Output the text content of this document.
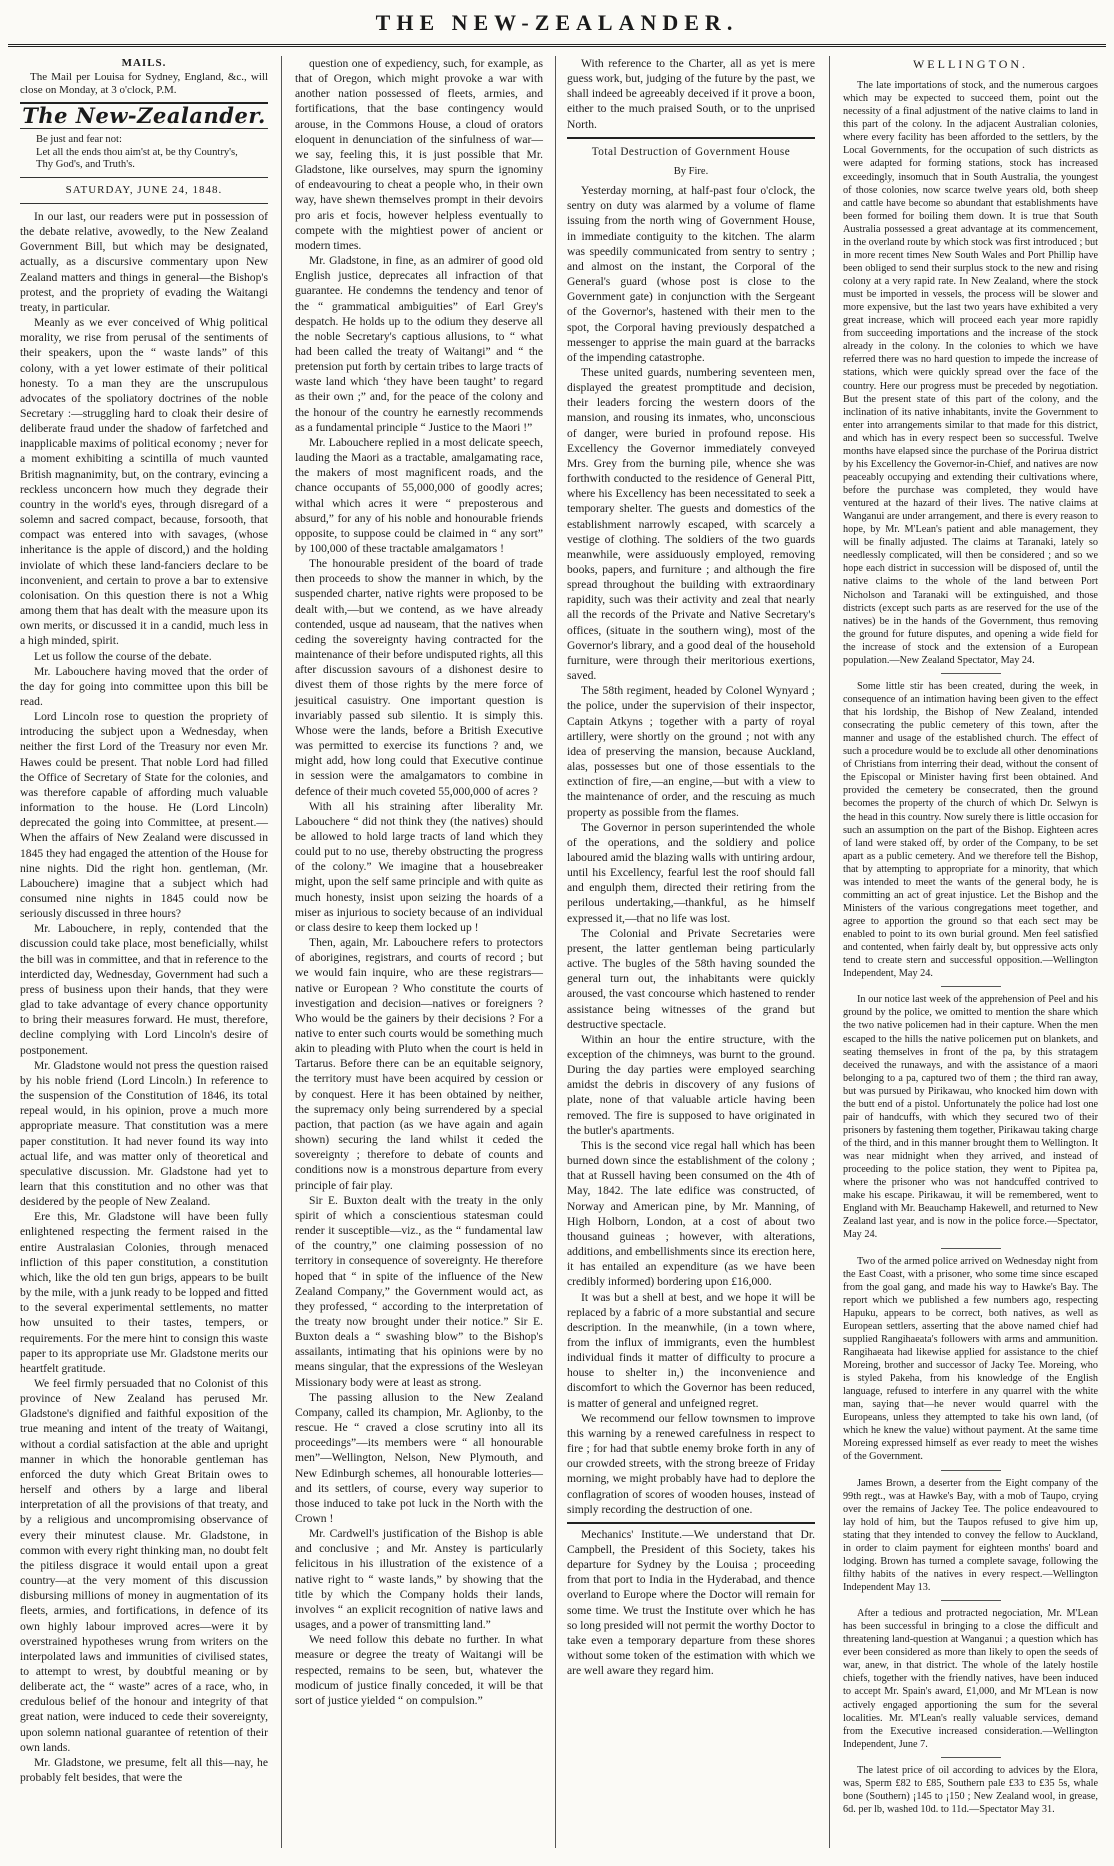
THE NEW-ZEALANDER.
MAILS.

The Mail per Louisa for Sydney, England, &c., will close on Monday, at 3 o'clock, P.M.

The New-Zealander.

Be just and fear not:

Let all the ends thou aim'st at, be thy Country's,

Thy God's, and Truth's.

SATURDAY, JUNE 24, 1848.

In our last, our readers were put in possession of the debate relative, avowedly, to the New Zealand Government Bill, but which may be designated, actually, as a discursive commentary upon New Zealand matters and things in general—the Bishop's protest, and the propriety of evading the Waitangi treaty, in particular.

Meanly as we ever conceived of Whig political morality, we rise from perusal of the sentiments of their speakers, upon the “ waste lands” of this colony, with a yet lower estimate of their political honesty. To a man they are the unscrupulous advocates of the spoliatory doctrines of the noble Secretary :—struggling hard to cloak their desire of deliberate fraud under the shadow of farfetched and inapplicable maxims of political economy ; never for a moment exhibiting a scintilla of much vaunted British magnanimity, but, on the contrary, evincing a reckless unconcern how much they degrade their country in the world's eyes, through disregard of a solemn and sacred compact, because, forsooth, that compact was entered into with savages, (whose inheritance is the apple of discord,) and the holding inviolate of which these land-fanciers declare to be inconvenient, and certain to prove a bar to extensive colonisation. On this question there is not a Whig among them that has dealt with the measure upon its own merits, or discussed it in a candid, much less in a high minded, spirit.

Let us follow the course of the debate.

Mr. Labouchere having moved that the order of the day for going into committee upon this bill be read.

Lord Lincoln rose to question the propriety of introducing the subject upon a Wednesday, when neither the first Lord of the Treasury nor even Mr. Hawes could be present. That noble Lord had filled the Office of Secretary of State for the colonies, and was therefore capable of affording much valuable information to the house. He (Lord Lincoln) deprecated the going into Committee, at present.—When the affairs of New Zealand were discussed in 1845 they had engaged the attention of the House for nine nights. Did the right hon. gentleman, (Mr. Labouchere) imagine that a subject which had consumed nine nights in 1845 could now be seriously discussed in three hours?

Mr. Labouchere, in reply, contended that the discussion could take place, most beneficially, whilst the bill was in committee, and that in reference to the interdicted day, Wednesday, Government had such a press of business upon their hands, that they were glad to take advantage of every chance opportunity to bring their measures forward. He must, therefore, decline complying with Lord Lincoln's desire of postponement.

Mr. Gladstone would not press the question raised by his noble friend (Lord Lincoln.) In reference to the suspension of the Constitution of 1846, its total repeal would, in his opinion, prove a much more appropriate measure. That constitution was a mere paper constitution. It had never found its way into actual life, and was matter only of theoretical and speculative discussion. Mr. Gladstone had yet to learn that this constitution and no other was that desidered by the people of New Zealand.

Ere this, Mr. Gladstone will have been fully enlightened respecting the ferment raised in the entire Australasian Colonies, through menaced infliction of this paper constitution, a constitution which, like the old ten gun brigs, appears to be built by the mile, with a junk ready to be lopped and fitted to the several experimental settlements, no matter how unsuited to their tastes, tempers, or requirements. For the mere hint to consign this waste paper to its appropriate use Mr. Gladstone merits our heartfelt gratitude.

We feel firmly persuaded that no Colonist of this province of New Zealand has perused Mr. Gladstone's dignified and faithful exposition of the true meaning and intent of the treaty of Waitangi, without a cordial satisfaction at the able and upright manner in which the honorable gentleman has enforced the duty which Great Britain owes to herself and others by a large and liberal interpretation of all the provisions of that treaty, and by a religious and uncompromising observance of every their minutest clause. Mr. Gladstone, in common with every right thinking man, no doubt felt the pitiless disgrace it would entail upon a great country—at the very moment of this discussion disbursing millions of money in augmentation of its fleets, armies, and fortifications, in defence of its own highly labour improved acres—were it by overstrained hypotheses wrung from writers on the interpolated laws and immunities of civilised states, to attempt to wrest, by doubtful meaning or by deliberate act, the “ waste” acres of a race, who, in credulous belief of the honour and integrity of that great nation, were induced to cede their sovereignty, upon solemn national guarantee of retention of their own lands.

Mr. Gladstone, we presume, felt all this—nay, he probably felt besides, that were the

question one of expediency, such, for example, as that of Oregon, which might provoke a war with another nation possessed of fleets, armies, and fortifications, that the base contingency would arouse, in the Commons House, a cloud of orators eloquent in denunciation of the sinfulness of war—we say, feeling this, it is just possible that Mr. Gladstone, like ourselves, may spurn the ignominy of endeavouring to cheat a people who, in their own way, have shewn themselves prompt in their devoirs pro aris et focis, however helpless eventually to compete with the mightiest power of ancient or modern times.

Mr. Gladstone, in fine, as an admirer of good old English justice, deprecates all infraction of that guarantee. He condemns the tendency and tenor of the “ grammatical ambiguities” of Earl Grey's despatch. He holds up to the odium they deserve all the noble Secretary's captious allusions, to “ what had been called the treaty of Waitangi” and “ the pretension put forth by certain tribes to large tracts of waste land which ‘they have been taught’ to regard as their own ;” and, for the peace of the colony and the honour of the country he earnestly recommends as a fundamental principle “ Justice to the Maori !”

Mr. Labouchere replied in a most delicate speech, lauding the Maori as a tractable, amalgamating race, the makers of most magnificent roads, and the chance occupants of 55,000,000 of goodly acres; withal which acres it were “ preposterous and absurd,” for any of his noble and honourable friends opposite, to suppose could be claimed in “ any sort” by 100,000 of these tractable amalgamators !

The honourable president of the board of trade then proceeds to show the manner in which, by the suspended charter, native rights were proposed to be dealt with,—but we contend, as we have already contended, usque ad nauseam, that the natives when ceding the sovereignty having contracted for the maintenance of their before undisputed rights, all this after discussion savours of a dishonest desire to divest them of those rights by the mere force of jesuitical casuistry. One important question is invariably passed sub silentio. It is simply this. Whose were the lands, before a British Executive was permitted to exercise its functions ? and, we might add, how long could that Executive continue in session were the amalgamators to combine in defence of their much coveted 55,000,000 of acres ?

With all his straining after liberality Mr. Labouchere “ did not think they (the natives) should be allowed to hold large tracts of land which they could put to no use, thereby obstructing the progress of the colony.” We imagine that a housebreaker might, upon the self same principle and with quite as much honesty, insist upon seizing the hoards of a miser as injurious to society because of an individual or class desire to keep them locked up !

Then, again, Mr. Labouchere refers to protectors of aborigines, registrars, and courts of record ; but we would fain inquire, who are these registrars—native or European ? Who constitute the courts of investigation and decision—natives or foreigners ? Who would be the gainers by their decisions ? For a native to enter such courts would be something much akin to pleading with Pluto when the court is held in Tartarus. Before there can be an equitable seignory, the territory must have been acquired by cession or by conquest. Here it has been obtained by neither, the supremacy only being surrendered by a special paction, that paction (as we have again and again shown) securing the land whilst it ceded the sovereignty ; therefore to debate of counts and conditions now is a monstrous departure from every principle of fair play.

Sir E. Buxton dealt with the treaty in the only spirit of which a conscientious statesman could render it susceptible—viz., as the “ fundamental law of the country,” one claiming possession of no territory in consequence of sovereignty. He therefore hoped that “ in spite of the influence of the New Zealand Company,” the Government would act, as they professed, “ according to the interpretation of the treaty now brought under their notice.” Sir E. Buxton deals a “ swashing blow” to the Bishop's assailants, intimating that his opinions were by no means singular, that the expressions of the Wesleyan Missionary body were at least as strong.

The passing allusion to the New Zealand Company, called its champion, Mr. Aglionby, to the rescue. He “ craved a close scrutiny into all its proceedings”—its members were “ all honourable men”—Wellington, Nelson, New Plymouth, and New Edinburgh schemes, all honourable lotteries—and its settlers, of course, every way superior to those induced to take pot luck in the North with the Crown !

Mr. Cardwell's justification of the Bishop is able and conclusive ; and Mr. Anstey is particularly felicitous in his illustration of the existence of a native right to “ waste lands,” by showing that the title by which the Company holds their lands, involves “ an explicit recognition of native laws and usages, and a power of transmitting land.”

We need follow this debate no further. In what measure or degree the treaty of Waitangi will be respected, remains to be seen, but, whatever the modicum of justice finally conceded, it will be that sort of justice yielded “ on compulsion.”

With reference to the Charter, all as yet is mere guess work, but, judging of the future by the past, we shall indeed be agreeably deceived if it prove a boon, either to the much praised South, or to the unprised North.

Total Destruction of Government House
By Fire.

Yesterday morning, at half-past four o'clock, the sentry on duty was alarmed by a volume of flame issuing from the north wing of Government House, in immediate contiguity to the kitchen. The alarm was speedily communicated from sentry to sentry ; and almost on the instant, the Corporal of the General's guard (whose post is close to the Government gate) in conjunction with the Sergeant of the Governor's, hastened with their men to the spot, the Corporal having previously despatched a messenger to apprise the main guard at the barracks of the impending catastrophe.

These united guards, numbering seventeen men, displayed the greatest promptitude and decision, their leaders forcing the western doors of the mansion, and rousing its inmates, who, unconscious of danger, were buried in profound repose. His Excellency the Governor immediately conveyed Mrs. Grey from the burning pile, whence she was forthwith conducted to the residence of General Pitt, where his Excellency has been necessitated to seek a temporary shelter. The guests and domestics of the establishment narrowly escaped, with scarcely a vestige of clothing. The soldiers of the two guards meanwhile, were assiduously employed, removing books, papers, and furniture ; and although the fire spread throughout the building with extraordinary rapidity, such was their activity and zeal that nearly all the records of the Private and Native Secretary's offices, (situate in the southern wing), most of the Governor's library, and a good deal of the household furniture, were through their meritorious exertions, saved.

The 58th regiment, headed by Colonel Wynyard ; the police, under the supervision of their inspector, Captain Atkyns ; together with a party of royal artillery, were shortly on the ground ; not with any idea of preserving the mansion, because Auckland, alas, possesses but one of those essentials to the extinction of fire,—an engine,—but with a view to the maintenance of order, and the rescuing as much property as possible from the flames.

The Governor in person superintended the whole of the operations, and the soldiery and police laboured amid the blazing walls with untiring ardour, until his Excellency, fearful lest the roof should fall and engulph them, directed their retiring from the perilous undertaking,—thankful, as he himself expressed it,—that no life was lost.

The Colonial and Private Secretaries were present, the latter gentleman being particularly active. The bugles of the 58th having sounded the general turn out, the inhabitants were quickly aroused, the vast concourse which hastened to render assistance being witnesses of the grand but destructive spectacle.

Within an hour the entire structure, with the exception of the chimneys, was burnt to the ground. During the day parties were employed searching amidst the debris in discovery of any fusions of plate, none of that valuable article having been removed. The fire is supposed to have originated in the butler's apartments.

This is the second vice regal hall which has been burned down since the establishment of the colony ; that at Russell having been consumed on the 4th of May, 1842. The late edifice was constructed, of Norway and American pine, by Mr. Manning, of High Holborn, London, at a cost of about two thousand guineas ; however, with alterations, additions, and embellishments since its erection here, it has entailed an expenditure (as we have been credibly informed) bordering upon £16,000.

It was but a shell at best, and we hope it will be replaced by a fabric of a more substantial and secure description. In the meanwhile, (in a town where, from the influx of immigrants, even the humblest individual finds it matter of difficulty to procure a house to shelter in,) the inconvenience and discomfort to which the Governor has been reduced, is matter of general and unfeigned regret.

We recommend our fellow townsmen to improve this warning by a renewed carefulness in respect to fire ; for had that subtle enemy broke forth in any of our crowded streets, with the strong breeze of Friday morning, we might probably have had to deplore the conflagration of scores of wooden houses, instead of simply recording the destruction of one.

Mechanics' Institute.—We understand that Dr. Campbell, the President of this Society, takes his departure for Sydney by the Louisa ; proceeding from that port to India in the Hyderabad, and thence overland to Europe where the Doctor will remain for some time. We trust the Institute over which he has so long presided will not permit the worthy Doctor to take even a temporary departure from these shores without some token of the estimation with which we are well aware they regard him.

WELLINGTON.

The late importations of stock, and the numerous cargoes which may be expected to succeed them, point out the necessity of a final adjustment of the native claims to land in this part of the colony. In the adjacent Australian colonies, where every facility has been afforded to the settlers, by the Local Governments, for the occupation of such districts as were adapted for forming stations, stock has increased exceedingly, insomuch that in South Australia, the youngest of those colonies, now scarce twelve years old, both sheep and cattle have become so abundant that establishments have been formed for boiling them down. It is true that South Australia possessed a great advantage at its commencement, in the overland route by which stock was first introduced ; but in more recent times New South Wales and Port Phillip have been obliged to send their surplus stock to the new and rising colony at a very rapid rate. In New Zealand, where the stock must be imported in vessels, the process will be slower and more expensive, but the last two years have exhibited a very great increase, which will proceed each year more rapidly from succeeding importations and the increase of the stock already in the colony. In the colonies to which we have referred there was no hard question to impede the increase of stations, which were quickly spread over the face of the country. Here our progress must be preceded by negotiation. But the present state of this part of the colony, and the inclination of its native inhabitants, invite the Government to enter into arrangements similar to that made for this district, and which has in every respect been so successful. Twelve months have elapsed since the purchase of the Porirua district by his Excellency the Governor-in-Chief, and natives are now peaceably occupying and extending their cultivations where, before the purchase was completed, they would have ventured at the hazard of their lives. The native claims at Wanganui are under arrangement, and there is every reason to hope, by Mr. M'Lean's patient and able management, they will be finally adjusted. The claims at Taranaki, lately so needlessly complicated, will then be considered ; and so we hope each district in succession will be disposed of, until the native claims to the whole of the land between Port Nicholson and Taranaki will be extinguished, and those districts (except such parts as are reserved for the use of the natives) be in the hands of the Government, thus removing the ground for future disputes, and opening a wide field for the increase of stock and the extension of a European population.—New Zealand Spectator, May 24.

Some little stir has been created, during the week, in consequence of an intimation having been given to the effect that his lordship, the Bishop of New Zealand, intended consecrating the public cemetery of this town, after the manner and usage of the established church. The effect of such a procedure would be to exclude all other denominations of Christians from interring their dead, without the consent of the Episcopal or Minister having first been obtained. And provided the cemetery be consecrated, then the ground becomes the property of the church of which Dr. Selwyn is the head in this country. Now surely there is little occasion for such an assumption on the part of the Bishop. Eighteen acres of land were staked off, by order of the Company, to be set apart as a public cemetery. And we therefore tell the Bishop, that by attempting to appropriate for a minority, that which was intended to meet the wants of the general body, he is committing an act of great injustice. Let the Bishop and the Ministers of the various congregations meet together, and agree to apportion the ground so that each sect may be enabled to point to its own burial ground. Men feel satisfied and contented, when fairly dealt by, but oppressive acts only tend to create stern and successful opposition.—Wellington Independent, May 24.

In our notice last week of the apprehension of Peel and his ground by the police, we omitted to mention the share which the two native policemen had in their capture. When the men escaped to the hills the native policemen put on blankets, and seating themselves in front of the pa, by this stratagem deceived the runaways, and with the assistance of a maori belonging to a pa, captured two of them ; the third ran away, but was pursued by Pirikawau, who knocked him down with the butt end of a pistol. Unfortunately the police had lost one pair of handcuffs, with which they secured two of their prisoners by fastening them together, Pirikawau taking charge of the third, and in this manner brought them to Wellington. It was near midnight when they arrived, and instead of proceeding to the police station, they went to Pipitea pa, where the prisoner who was not handcuffed contrived to make his escape. Pirikawau, it will be remembered, went to England with Mr. Beauchamp Hakewell, and returned to New Zealand last year, and is now in the police force.—Spectator, May 24.

Two of the armed police arrived on Wednesday night from the East Coast, with a prisoner, who some time since escaped from the goal gang, and made his way to Hawke's Bay. The report which we published a few numbers ago, respecting Hapuku, appears to be correct, both natives, as well as European settlers, asserting that the above named chief had supplied Rangihaeata's followers with arms and ammunition. Rangihaeata had likewise applied for assistance to the chief Moreing, brother and successor of Jacky Tee. Moreing, who is styled Pakeha, from his knowledge of the English language, refused to interfere in any quarrel with the white man, saying that—he never would quarrel with the Europeans, unless they attempted to take his own land, (of which he knew the value) without payment. At the same time Moreing expressed himself as ever ready to meet the wishes of the Government.

James Brown, a deserter from the Eight company of the 99th regt., was at Hawke's Bay, with a mob of Taupo, crying over the remains of Jackey Tee. The police endeavoured to lay hold of him, but the Taupos refused to give him up, stating that they intended to convey the fellow to Auckland, in order to claim payment for eighteen months' board and lodging. Brown has turned a complete savage, following the filthy habits of the natives in every respect.—Wellington Independent May 13.

After a tedious and protracted negociation, Mr. M'Lean has been successful in bringing to a close the difficult and threatening land-question at Wanganui ; a question which has ever been considered as more than likely to open the seeds of war, anew, in that district. The whole of the lately hostile chiefs, together with the friendly natives, have been induced to accept Mr. Spain's award, £1,000, and Mr M'Lean is now actively engaged apportioning the sum for the several localities. Mr. M'Lean's really valuable services, demand from the Executive increased consideration.—Wellington Independent, June 7.

The latest price of oil according to advices by the Elora, was, Sperm £82 to £85, Southern pale £33 to £35 5s, whale bone (Southern) ¡145 to ¡150 ; New Zealand wool, in grease, 6d. per lb, washed 10d. to 11d.—Spectator May 31.
